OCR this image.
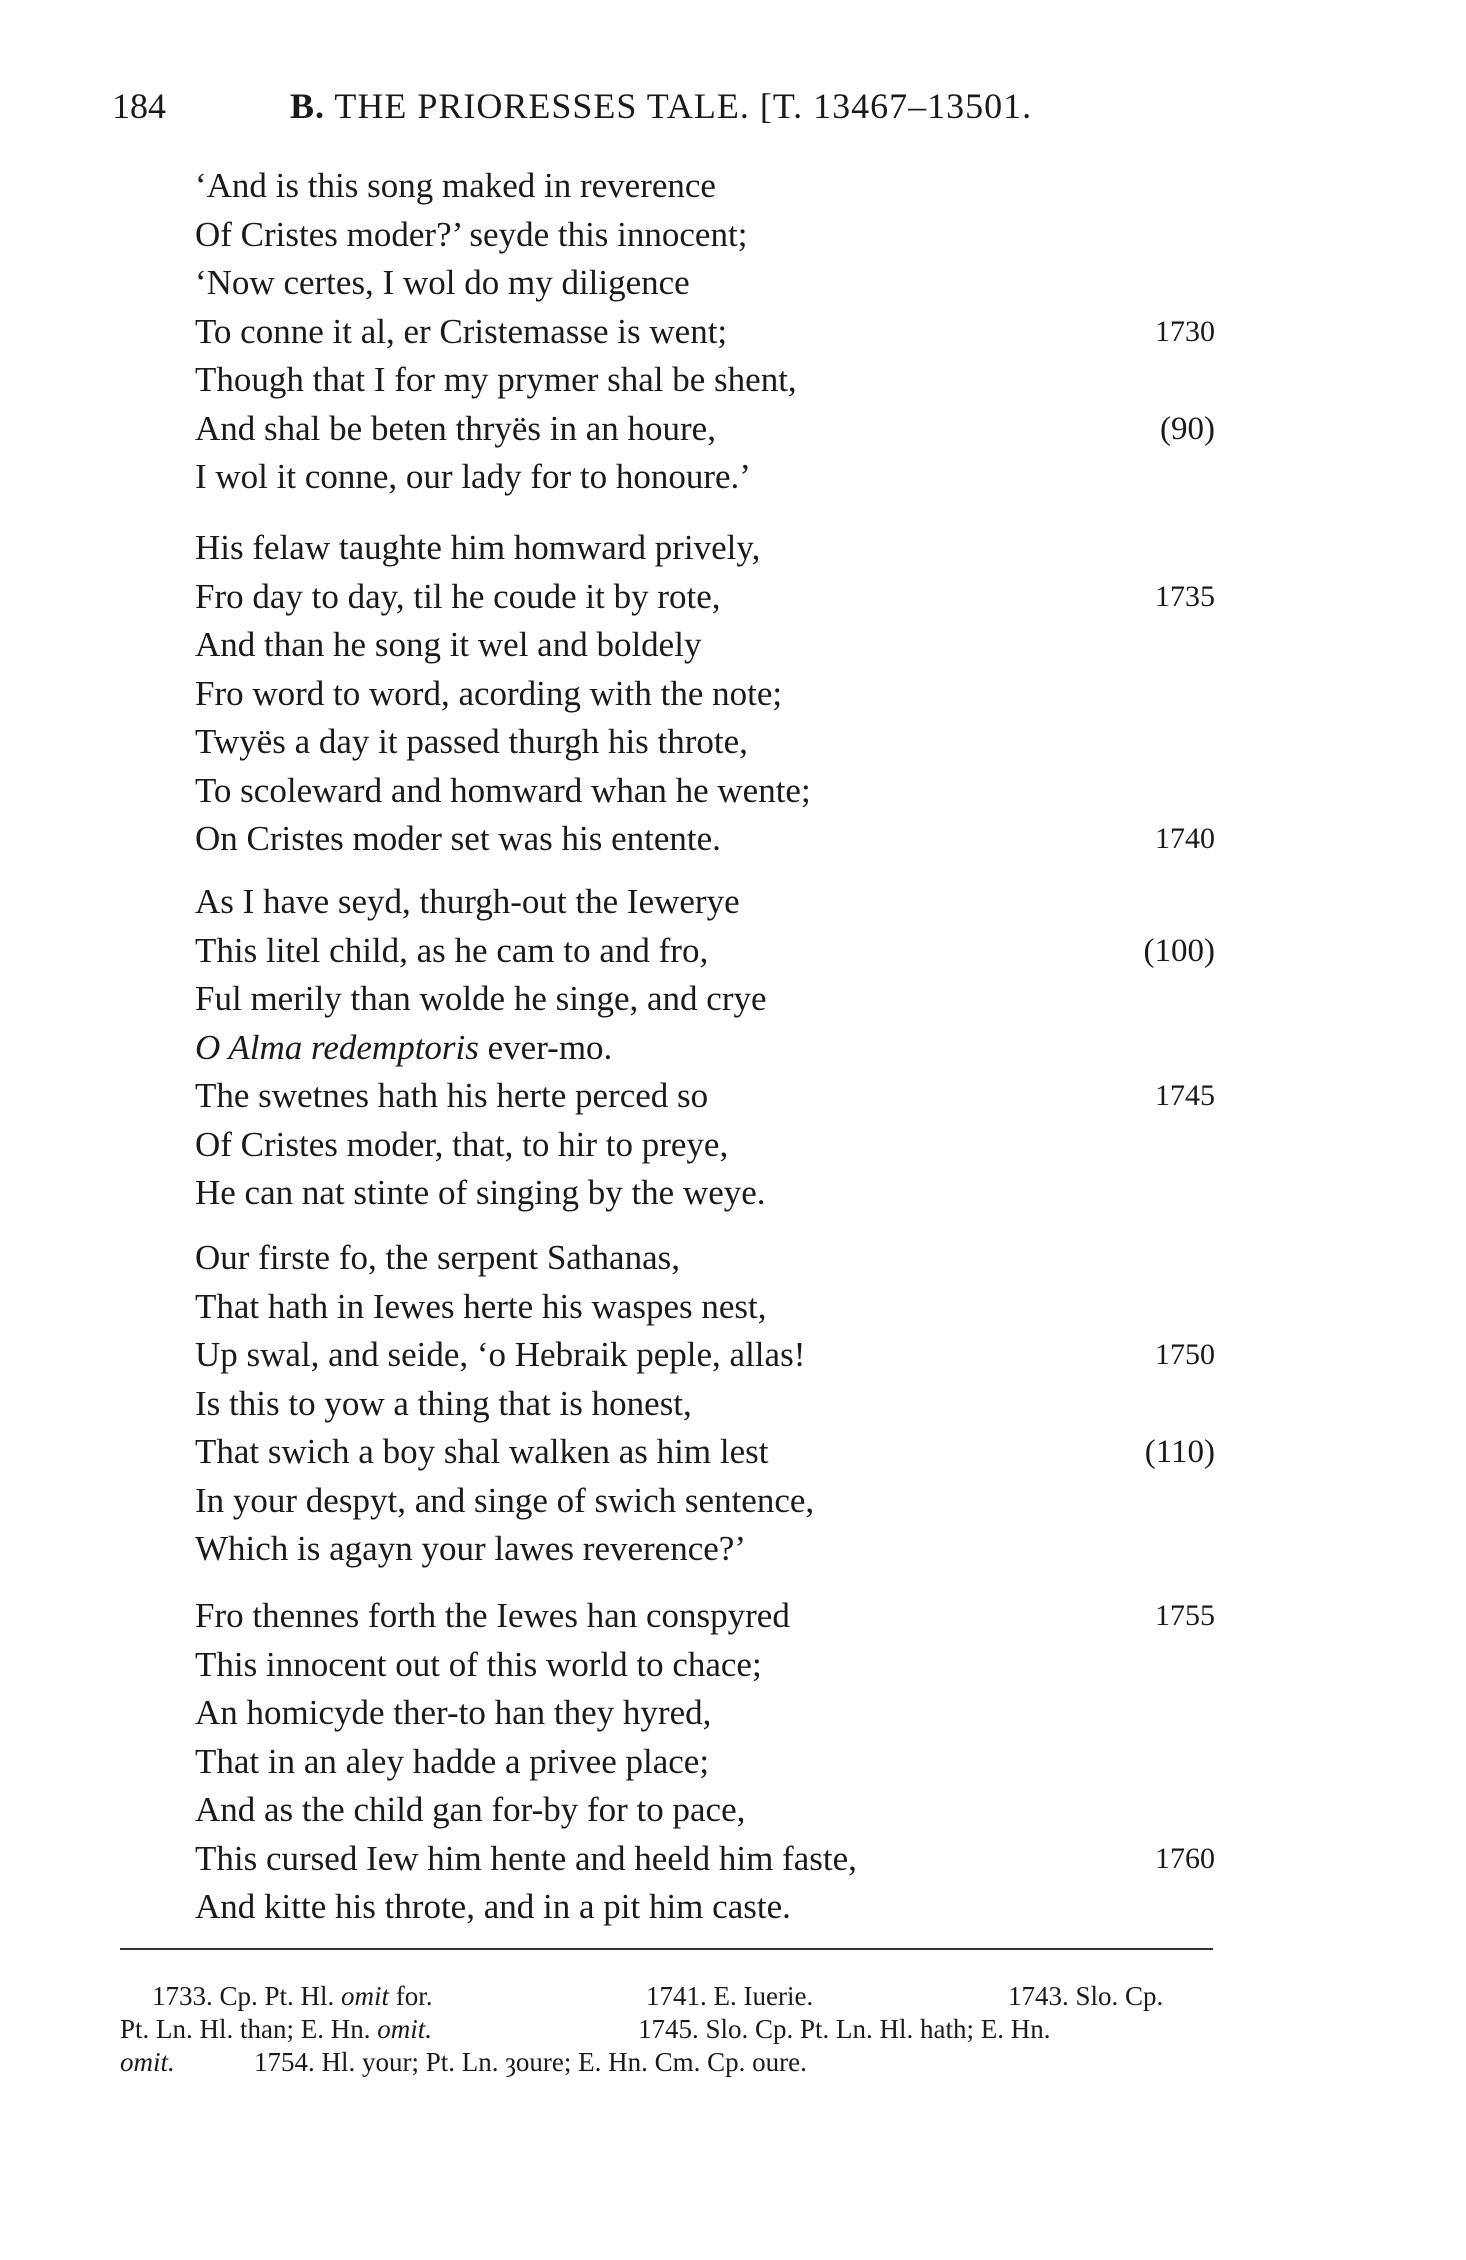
184	B. THE PRIORESSES TALE. [T. 13467–13501.
‘And is this song maked in reverence
Of Cristes moder?’ seyde this innocent;
‘Now certes, I wol do my diligence
To conne it al, er Cristemasse is went;	1730
Though that I for my prymer shal be shent,
And shal be beten thryës in an houre,	(90)
I wol it conne, our lady for to honoure.’
His felaw taughte him homward prively,
Fro day to day, til he coude it by rote,	1735
And than he song it wel and boldely
Fro word to word, acording with the note;
Twyës a day it passed thurgh his throte,
To scoleward and homward whan he wente;
On Cristes moder set was his entente.	1740
As I have seyd, thurgh-out the Iewerye
This litel child, as he cam to and fro,	(100)
Ful merily than wolde he singe, and crye
O Alma redemptoris ever-mo.
The swetnes hath his herte perced so	1745
Of Cristes moder, that, to hir to preye,
He can nat stinte of singing by the weye.
Our firste fo, the serpent Sathanas,
That hath in Iewes herte his waspes nest,
Up swal, and seide, ‘o Hebraik peple, allas!	1750
Is this to yow a thing that is honest,
That swich a boy shal walken as him lest	(110)
In your despyt, and singe of swich sentence,
Which is agayn your lawes reverence?’
Fro thennes forth the Iewes han conspyred	1755
This innocent out of this world to chace;
An homicyde ther-to han they hyred,
That in an aley hadde a privee place;
And as the child gan for-by for to pace,
This cursed Iew him hente and heeld him faste,	1760
And kitte his throte, and in a pit him caste.
1733. Cp. Pt. Hl. omit for.	1741. E. Iuerie.	1743. Slo. Cp.
Pt. Ln. Hl. than; E. Hn. omit.	1745. Slo. Cp. Pt. Ln. Hl. hath; E. Hn.
omit.	1754. Hl. your; Pt. Ln. ȝoure; E. Hn. Cm. Cp. oure.
